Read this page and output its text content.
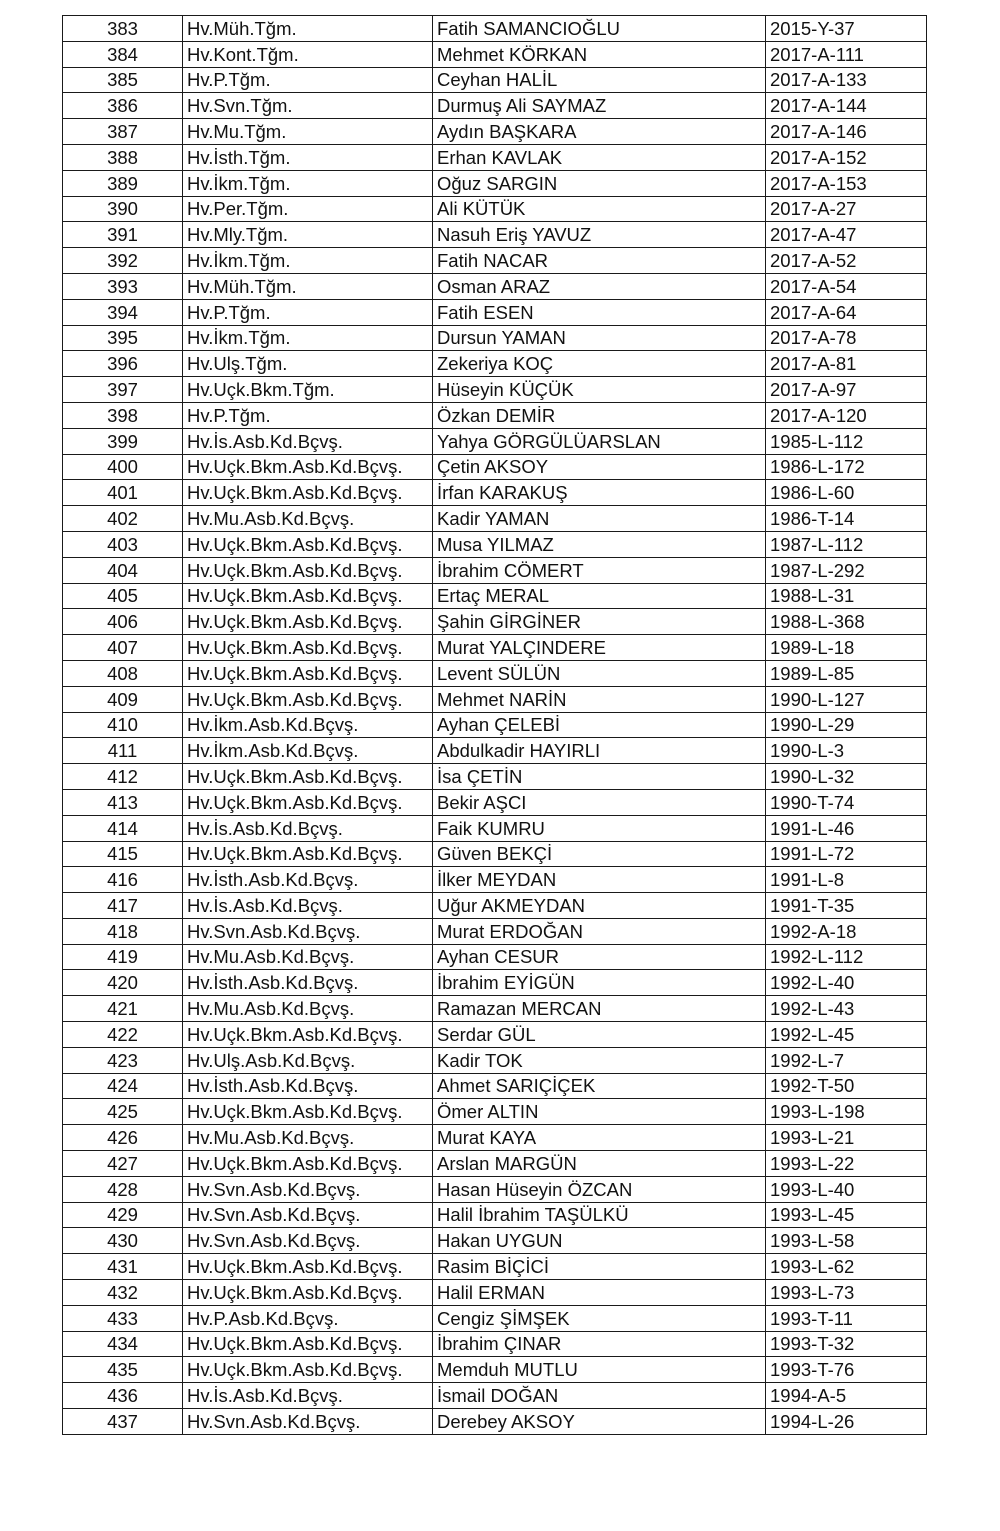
383	Hv.Müh.Tğm.	Fatih SAMANCIOĞLU	2015-Y-37
384	Hv.Kont.Tğm.	Mehmet KÖRKAN	2017-A-111
385	Hv.P.Tğm.	Ceyhan HALİL	2017-A-133
386	Hv.Svn.Tğm.	Durmuş Ali SAYMAZ	2017-A-144
387	Hv.Mu.Tğm.	Aydın BAŞKARA	2017-A-146
388	Hv.İsth.Tğm.	Erhan KAVLAK	2017-A-152
389	Hv.İkm.Tğm.	Oğuz SARGIN	2017-A-153
390	Hv.Per.Tğm.	Ali KÜTÜK	2017-A-27
391	Hv.Mly.Tğm.	Nasuh Eriş YAVUZ	2017-A-47
392	Hv.İkm.Tğm.	Fatih NACAR	2017-A-52
393	Hv.Müh.Tğm.	Osman ARAZ	2017-A-54
394	Hv.P.Tğm.	Fatih ESEN	2017-A-64
395	Hv.İkm.Tğm.	Dursun YAMAN	2017-A-78
396	Hv.Ulş.Tğm.	Zekeriya KOÇ	2017-A-81
397	Hv.Uçk.Bkm.Tğm.	Hüseyin KÜÇÜK	2017-A-97
398	Hv.P.Tğm.	Özkan DEMİR	2017-A-120
399	Hv.İs.Asb.Kd.Bçvş.	Yahya GÖRGÜLÜARSLAN	1985-L-112
400	Hv.Uçk.Bkm.Asb.Kd.Bçvş.	Çetin AKSOY	1986-L-172
401	Hv.Uçk.Bkm.Asb.Kd.Bçvş.	İrfan KARAKUŞ	1986-L-60
402	Hv.Mu.Asb.Kd.Bçvş.	Kadir YAMAN	1986-T-14
403	Hv.Uçk.Bkm.Asb.Kd.Bçvş.	Musa YILMAZ	1987-L-112
404	Hv.Uçk.Bkm.Asb.Kd.Bçvş.	İbrahim CÖMERT	1987-L-292
405	Hv.Uçk.Bkm.Asb.Kd.Bçvş.	Ertaç MERAL	1988-L-31
406	Hv.Uçk.Bkm.Asb.Kd.Bçvş.	Şahin GİRGİNER	1988-L-368
407	Hv.Uçk.Bkm.Asb.Kd.Bçvş.	Murat YALÇINDERE	1989-L-18
408	Hv.Uçk.Bkm.Asb.Kd.Bçvş.	Levent SÜLÜN	1989-L-85
409	Hv.Uçk.Bkm.Asb.Kd.Bçvş.	Mehmet NARİN	1990-L-127
410	Hv.İkm.Asb.Kd.Bçvş.	Ayhan ÇELEBİ	1990-L-29
411	Hv.İkm.Asb.Kd.Bçvş.	Abdulkadir HAYIRLI	1990-L-3
412	Hv.Uçk.Bkm.Asb.Kd.Bçvş.	İsa ÇETİN	1990-L-32
413	Hv.Uçk.Bkm.Asb.Kd.Bçvş.	Bekir AŞCI	1990-T-74
414	Hv.İs.Asb.Kd.Bçvş.	Faik KUMRU	1991-L-46
415	Hv.Uçk.Bkm.Asb.Kd.Bçvş.	Güven BEKÇİ	1991-L-72
416	Hv.İsth.Asb.Kd.Bçvş.	İlker MEYDAN	1991-L-8
417	Hv.İs.Asb.Kd.Bçvş.	Uğur AKMEYDAN	1991-T-35
418	Hv.Svn.Asb.Kd.Bçvş.	Murat ERDOĞAN	1992-A-18
419	Hv.Mu.Asb.Kd.Bçvş.	Ayhan CESUR	1992-L-112
420	Hv.İsth.Asb.Kd.Bçvş.	İbrahim EYİGÜN	1992-L-40
421	Hv.Mu.Asb.Kd.Bçvş.	Ramazan MERCAN	1992-L-43
422	Hv.Uçk.Bkm.Asb.Kd.Bçvş.	Serdar GÜL	1992-L-45
423	Hv.Ulş.Asb.Kd.Bçvş.	Kadir TOK	1992-L-7
424	Hv.İsth.Asb.Kd.Bçvş.	Ahmet SARIÇİÇEK	1992-T-50
425	Hv.Uçk.Bkm.Asb.Kd.Bçvş.	Ömer ALTIN	1993-L-198
426	Hv.Mu.Asb.Kd.Bçvş.	Murat KAYA	1993-L-21
427	Hv.Uçk.Bkm.Asb.Kd.Bçvş.	Arslan MARGÜN	1993-L-22
428	Hv.Svn.Asb.Kd.Bçvş.	Hasan Hüseyin ÖZCAN	1993-L-40
429	Hv.Svn.Asb.Kd.Bçvş.	Halil İbrahim TAŞÜLKÜ	1993-L-45
430	Hv.Svn.Asb.Kd.Bçvş.	Hakan UYGUN	1993-L-58
431	Hv.Uçk.Bkm.Asb.Kd.Bçvş.	Rasim BİÇİCİ	1993-L-62
432	Hv.Uçk.Bkm.Asb.Kd.Bçvş.	Halil ERMAN	1993-L-73
433	Hv.P.Asb.Kd.Bçvş.	Cengiz ŞİMŞEK	1993-T-11
434	Hv.Uçk.Bkm.Asb.Kd.Bçvş.	İbrahim ÇINAR	1993-T-32
435	Hv.Uçk.Bkm.Asb.Kd.Bçvş.	Memduh MUTLU	1993-T-76
436	Hv.İs.Asb.Kd.Bçvş.	İsmail DOĞAN	1994-A-5
437	Hv.Svn.Asb.Kd.Bçvş.	Derebey AKSOY	1994-L-26
